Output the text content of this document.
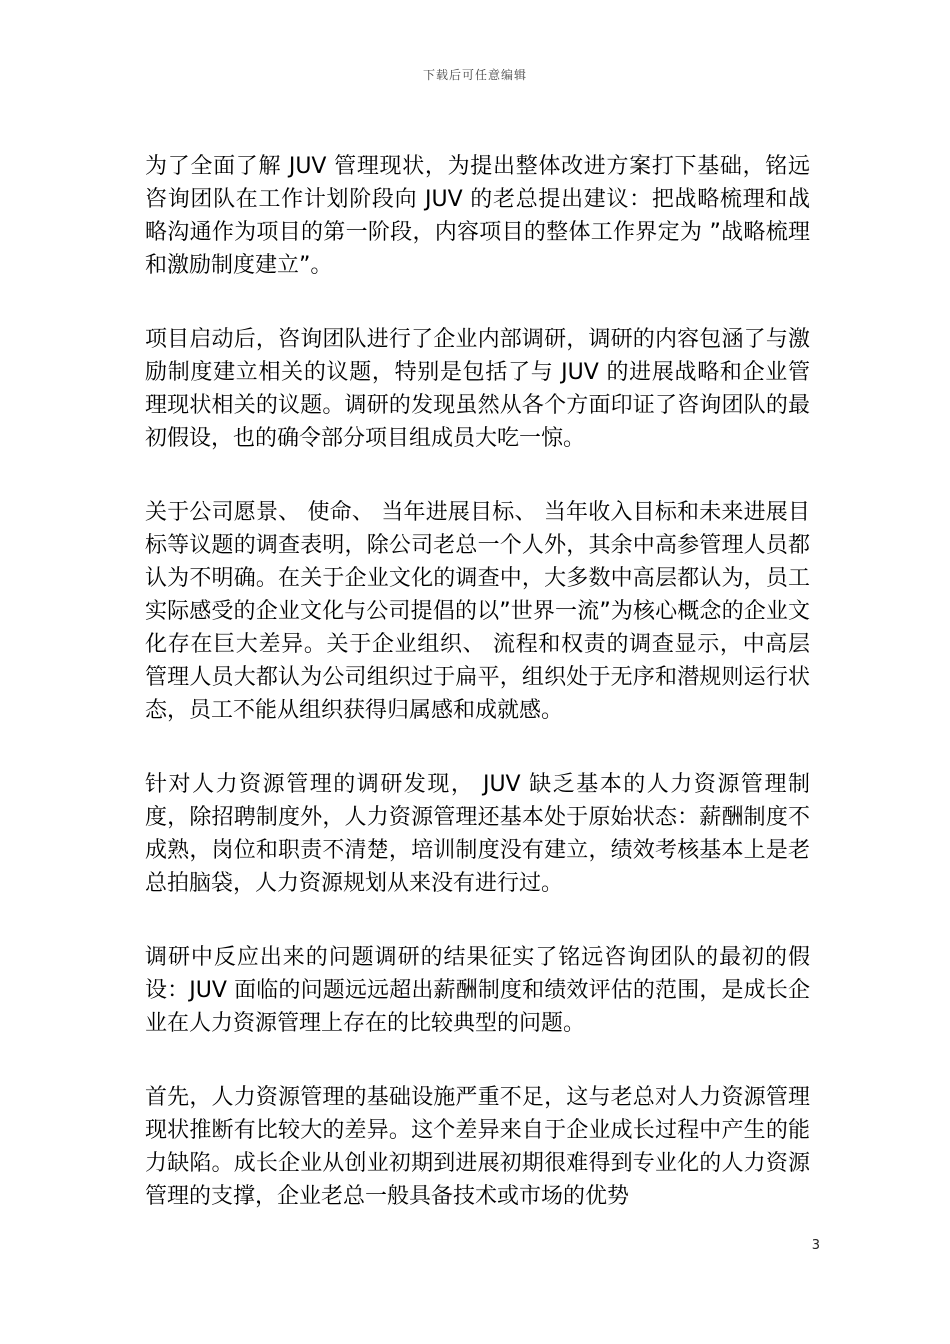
下载后可任意编辑

为了全面了解 JUV 管理现状，为提出整体改进方案打下基础，铭远咨询团队在工作计划阶段向 JUV 的老总提出建议：把战略梳理和战略沟通作为项目的第一阶段，内容项目的整体工作界定为 ”战略梳理和激励制度建立”。

项目启动后，咨询团队进行了企业内部调研，调研的内容包涵了与激励制度建立相关的议题，特别是包括了与 JUV 的进展战略和企业管理现状相关的议题。调研的发现虽然从各个方面印证了咨询团队的最初假设，也的确令部分项目组成员大吃一惊。

关于公司愿景、 使命、 当年进展目标、 当年收入目标和未来进展目标等议题的调查表明，除公司老总一个人外，其余中高参管理人员都认为不明确。在关于企业文化的调查中，大多数中高层都认为，员工实际感受的企业文化与公司提倡的以”世界一流”为核心概念的企业文化存在巨大差异。关于企业组织、 流程和权责的调查显示，中高层管理人员大都认为公司组织过于扁平，组织处于无序和潜规则运行状态，员工不能从组织获得归属感和成就感。

针对人力资源管理的调研发现， JUV 缺乏基本的人力资源管理制度，除招聘制度外，人力资源管理还基本处于原始状态：薪酬制度不成熟，岗位和职责不清楚，培训制度没有建立，绩效考核基本上是老总拍脑袋，人力资源规划从来没有进行过。

调研中反应出来的问题调研的结果征实了铭远咨询团队的最初的假设：JUV 面临的问题远远超出薪酬制度和绩效评估的范围，是成长企业在人力资源管理上存在的比较典型的问题。

首先，人力资源管理的基础设施严重不足，这与老总对人力资源管理现状推断有比较大的差异。这个差异来自于企业成长过程中产生的能力缺陷。成长企业从创业初期到进展初期很难得到专业化的人力资源管理的支撑，企业老总一般具备技术或市场的优势

3
